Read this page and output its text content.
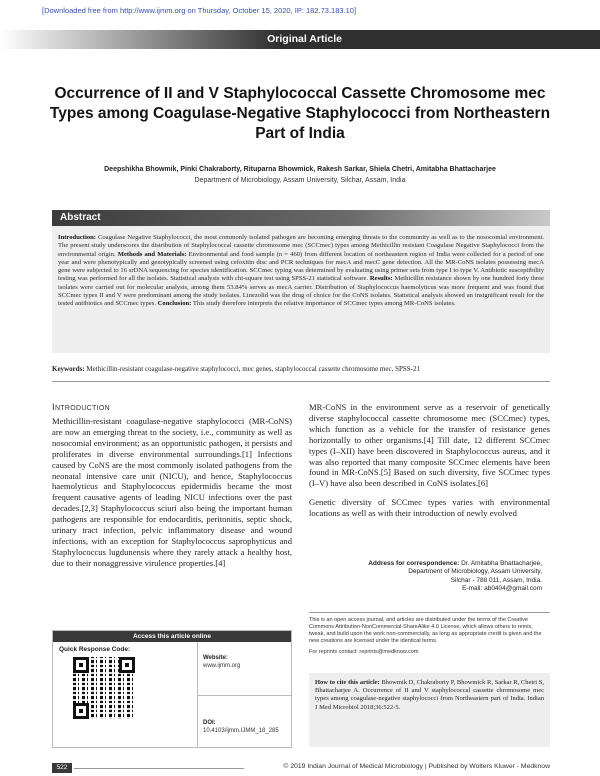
[Downloaded free from http://www.ijmm.org on Thursday, October 15, 2020, IP: 182.73.183.10]
Original Article
Occurrence of II and V Staphylococcal Cassette Chromosome mec Types among Coagulase-Negative Staphylococci from Northeastern Part of India
Deepshikha Bhowmik, Pinki Chakraborty, Rituparna Bhowmick, Rakesh Sarkar, Shiela Chetri, Amitabha Bhattacharjee
Department of Microbiology, Assam University, Silchar, Assam, India
Abstract

Introduction: Coagulase Negative Staphylococci, the most commonly isolated pathogen are becoming emerging threats to the community as well as to the nosocomial environment. The present study underscores the distribution of Staphylococcal cassette chromosome mec (SCCmec) types among Methicillin resistant Coagulase Negative Staphylococci from the environmental origin. Methods and Materials: Environmental and food sample (n = 460) from different location of northeastern region of India were collected for a period of one year and were phenotypically and genotypically screened using cefoxitin disc and PCR techniques for mecA and mecC gene detection. All the MR-CoNS isolates possessing mecA gene were subjected to 16 srDNA sequencing for species identification. SCCmec typing was determined by evaluating using primer sets from type I to type V. Antibiotic susceptibility testing was performed for all the isolates. Statistical analysis with chi-square test using SPSS-21 statistical software. Results: Methicillin resistance shown by one hundred forty three isolates were carried out for molecular analysis, among them 53.84% serves as mecA carrier. Distribution of Staphylococcus haemolyticus was more frequent and was found that SCCmec types II and V were predominant among the study isolates. Linezolid was the drug of choice for the CoNS isolates. Statistical analysis showed an insignificant result for the tested antibiotics and SCCmec types. Conclusion: This study therefore interprets the relative importance of SCCmec types among MR-CoNS isolates.

Keywords: Methicillin-resistant coagulase-negative staphylococci, mec genes, staphylococcal cassette chromosome mec, SPSS-21
Introduction

Methicillin-resistant coagulase-negative staphylococci (MR-CoNS) are now an emerging threat to the society, i.e., community as well as nosocomial environment; as an opportunistic pathogen, it persists and proliferates in diverse environmental surroundings.[1] Infections caused by CoNS are the most commonly isolated pathogens from the neonatal intensive care unit (NICU), and hence, Staphylococcus haemolyticus and Staphylococcus epidermidis became the most frequent causative agents of leading NICU infections over the past decades.[2,3] Staphylococcus sciuri also being the important human pathogens are responsible for endocarditis, peritonitis, septic shock, urinary tract infection, pelvic inflammatory disease and wound infections, with an exception for Staphylococcus saprophyticus and Staphylococcus lugdunensis where they rarely attack a healthy host, due to their nonaggressive virulence properties.[4]

MR-CoNS in the environment serve as a reservoir of genetically diverse staphylococcal cassette chromosome mec (SCCmec) types, which function as a vehicle for the transfer of resistance genes horizontally to other organisms.[4] Till date, 12 different SCCmec types (I–XII) have been discovered in Staphylococcus aureus, and it was also reported that many composite SCCmec elements have been found in MR-CoNS.[5] Based on such diversity, five SCCmec types (I–V) have also been described in CoNS isolates.[6]

Genetic diversity of SCCmec types varies with environmental locations as well as with their introduction of newly evolved

Address for correspondence: Dr. Amitabha Bhattacharjee,
Department of Microbiology, Assam University,
Silchar - 788 011, Assam, India.
E-mail: ab0404@gmail.com
This is an open access journal, and articles are distributed under the terms of the Creative Commons Attribution-NonCommercial-ShareAlike 4.0 License, which allows others to remix, tweak, and build upon the work non-commercially, as long as appropriate credit is given and the new creations are licensed under the identical terms.
For reprints contact: reprints@medknow.com
How to cite this article: Bhowmik D, Chakraborty P, Bhowmick R, Sarkar R, Chetri S, Bhattacharjee A. Occurrence of II and V staphylococcal cassette chromosome mec types among coagulase-negative staphylococci from Northeastern part of India. Indian J Med Microbiol 2018;36:522-5.
Access this article online
Quick Response Code:
Website:
www.ijmm.org
DOI:
10.4103/ijmm.IJMM_18_285
522	© 2019 Indian Journal of Medical Microbiology | Published by Wolters Kluwer - Medknow
